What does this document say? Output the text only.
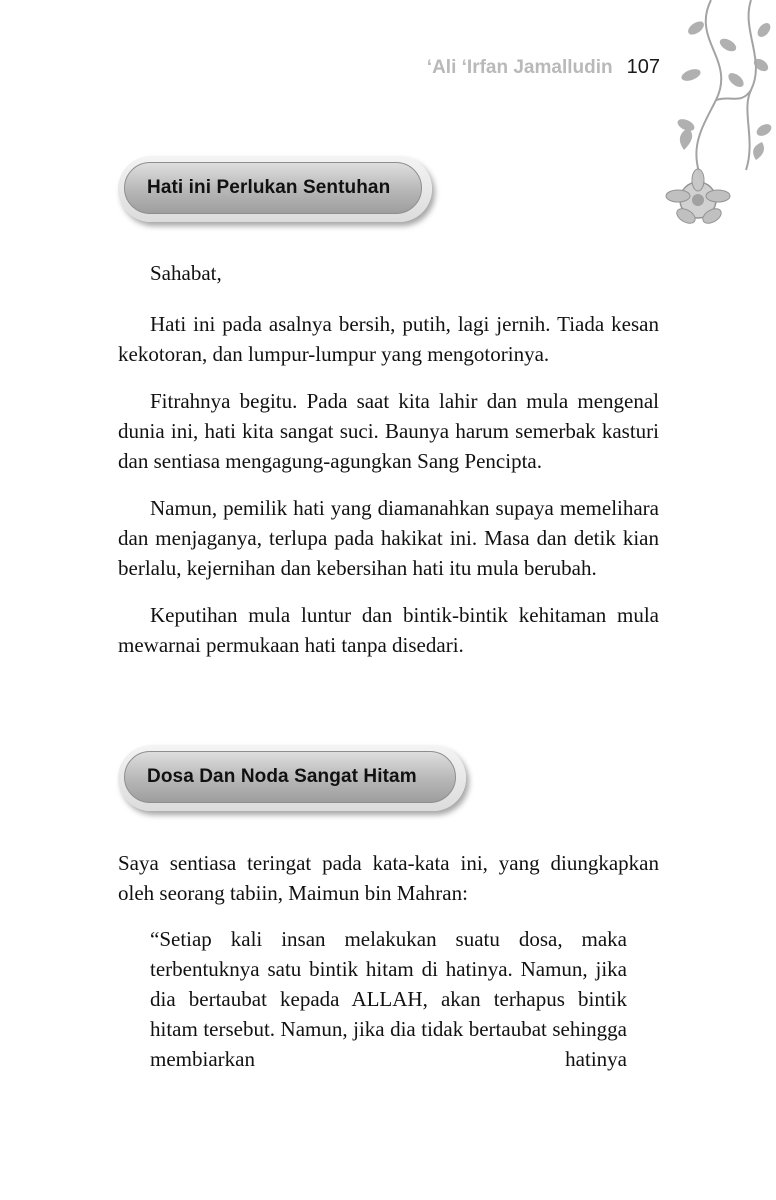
‘Ali ‘Irfan Jamalludin 107
Hati ini Perlukan Sentuhan

Sahabat,

Hati ini pada asalnya bersih, putih, lagi jernih. Tiada kesan kekotoran, dan lumpur-lumpur yang mengotorinya.

Fitrahnya begitu. Pada saat kita lahir dan mula mengenal dunia ini, hati kita sangat suci. Baunya harum semerbak kasturi dan sentiasa mengagung-agungkan Sang Pencipta.

Namun, pemilik hati yang diamanahkan supaya memelihara dan menjaganya, terlupa pada hakikat ini. Masa dan detik kian berlalu, kejernihan dan kebersihan hati itu mula berubah.

Keputihan mula luntur dan bintik-bintik kehitaman mula mewarnai permukaan hati tanpa disedari.

Dosa Dan Noda Sangat Hitam

Saya sentiasa teringat pada kata-kata ini, yang diungkapkan oleh seorang tabiin, Maimun bin Mahran:

“Setiap kali insan melakukan suatu dosa, maka terbentuknya satu bintik hitam di hatinya. Namun, jika dia bertaubat kepada ALLAH, akan terhapus bintik hitam tersebut. Namun, jika dia tidak bertaubat sehingga membiarkan hatinya
